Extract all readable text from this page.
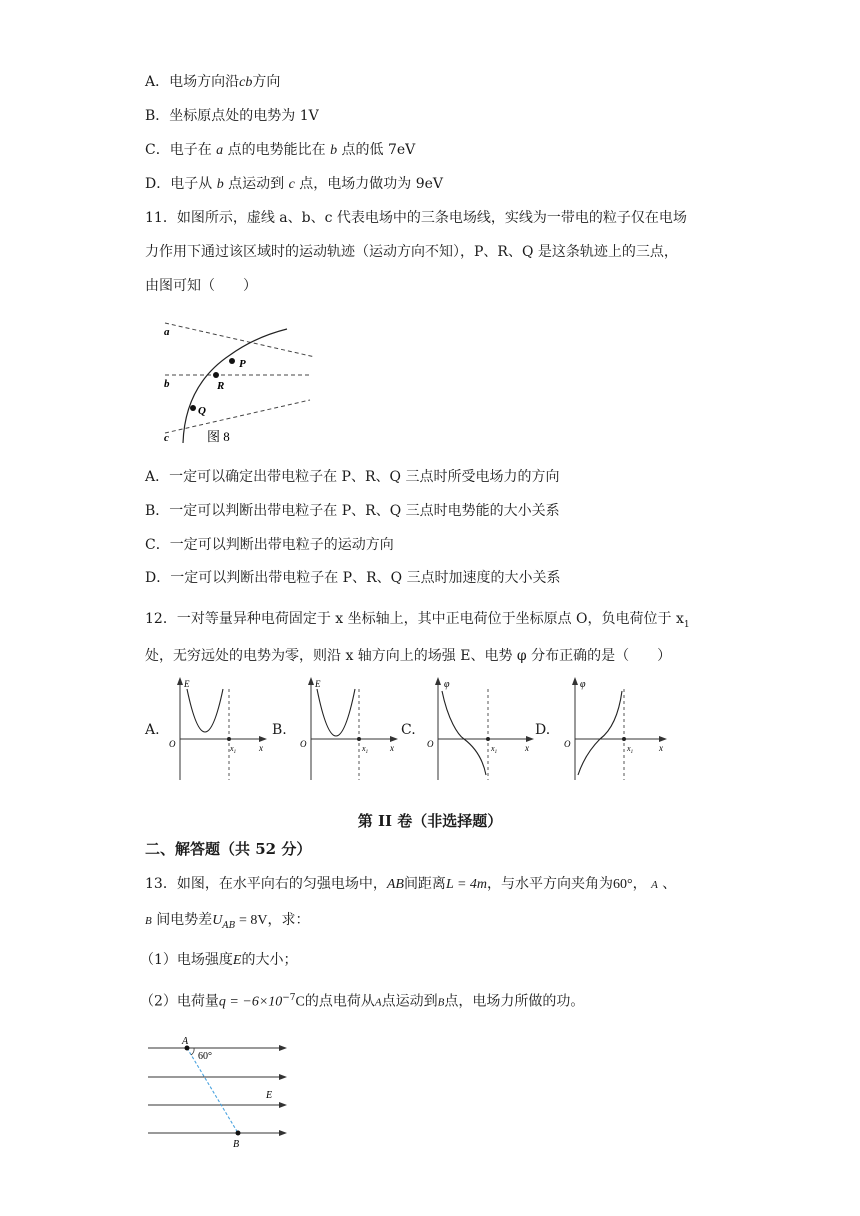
A．电场方向沿cb方向
B．坐标原点处的电势为 1V
C．电子在 a 点的电势能比在 b 点的低 7eV
D．电子从 b 点运动到 c 点，电场力做功为 9eV
11．如图所示，虚线 a、b、c 代表电场中的三条电场线，实线为一带电的粒子仅在电场
力作用下通过该区域时的运动轨迹（运动方向不知），P、R、Q 是这条轨迹上的三点，
由图可知（　　）
a
b
c
P
R
Q
图 8
A．一定可以确定出带电粒子在 P、R、Q 三点时所受电场力的方向
B．一定可以判断出带电粒子在 P、R、Q 三点时电势能的大小关系
C．一定可以判断出带电粒子的运动方向
D．一定可以判断出带电粒子在 P、R、Q 三点时加速度的大小关系
12．一对等量异种电荷固定于 x 坐标轴上，其中正电荷位于坐标原点 O，负电荷位于 $x_1$
处，无穷远处的电势为零，则沿 x 轴方向上的场强 E、电势 φ 分布正确的是（　　）
A.	B.	C.	D.
E
O	$x_1$	x
E
O	$x_1$ x
φ
O	$x_1$	x
φ
O	$x_1$	x
第 II 卷（非选择题）
二、解答题（共 52 分）
13．如图，在水平向右的匀强电场中，AB间距离L = 4m，与水平方向夹角为60°， A 、
B 间电势差$U_{AB} = 8V$，求：
（1）电场强度E的大小；
（2）电荷量$q = -6\times 10^{-7}C$的点电荷从A点运动到B点，电场力所做的功。
A
60°
E
B
